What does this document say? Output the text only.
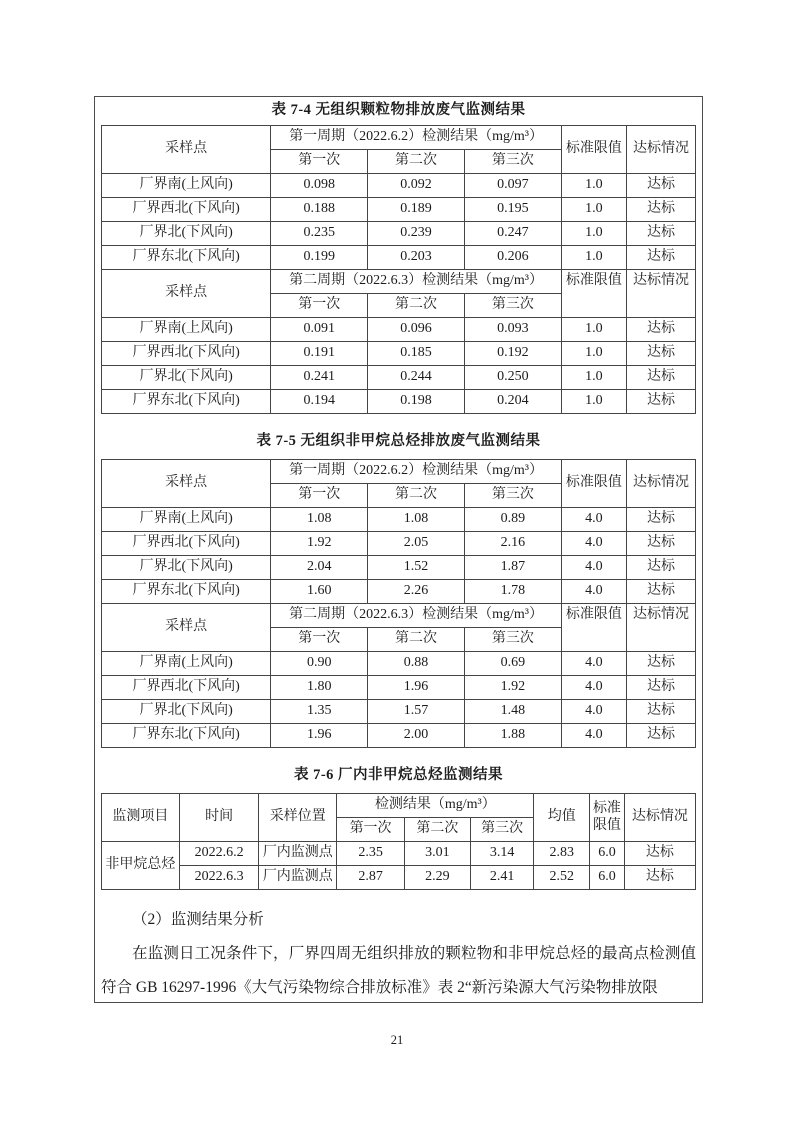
表 7-4 无组织颗粒物排放废气监测结果
采样点	第一周期（2022.6.2）检测结果（mg/m³）			标准限值	达标情况
	第一次	第二次	第三次		
厂界南(上风向)	0.098	0.092	0.097	1.0	达标
厂界西北(下风向)	0.188	0.189	0.195	1.0	达标
厂界北(下风向)	0.235	0.239	0.247	1.0	达标
厂界东北(下风向)	0.199	0.203	0.206	1.0	达标
采样点	第二周期（2022.6.3）检测结果（mg/m³）			标准限值	达标情况
	第一次	第二次	第三次		
厂界南(上风向)	0.091	0.096	0.093	1.0	达标
厂界西北(下风向)	0.191	0.185	0.192	1.0	达标
厂界北(下风向)	0.241	0.244	0.250	1.0	达标
厂界东北(下风向)	0.194	0.198	0.204	1.0	达标
表 7-5 无组织非甲烷总烃排放废气监测结果
采样点	第一周期（2022.6.2）检测结果（mg/m³）			标准限值	达标情况
	第一次	第二次	第三次		
厂界南(上风向)	1.08	1.08	0.89	4.0	达标
厂界西北(下风向)	1.92	2.05	2.16	4.0	达标
厂界北(下风向)	2.04	1.52	1.87	4.0	达标
厂界东北(下风向)	1.60	2.26	1.78	4.0	达标
采样点	第二周期（2022.6.3）检测结果（mg/m³）			标准限值	达标情况
	第一次	第二次	第三次		
厂界南(上风向)	0.90	0.88	0.69	4.0	达标
厂界西北(下风向)	1.80	1.96	1.92	4.0	达标
厂界北(下风向)	1.35	1.57	1.48	4.0	达标
厂界东北(下风向)	1.96	2.00	1.88	4.0	达标
表 7-6 厂内非甲烷总烃监测结果
监测项目	时间	采样位置	检测结果（mg/m³）			均值	标准限值	达标情况
			第一次	第二次	第三次			
非甲烷总烃	2022.6.2	厂内监测点	2.35	3.01	3.14	2.83	6.0	达标
	2022.6.3	厂内监测点	2.87	2.29	2.41	2.52	6.0	达标

（2）监测结果分析

在监测日工况条件下，厂界四周无组织排放的颗粒物和非甲烷总烃的最高点检测值符合 GB 16297-1996《大气污染物综合排放标准》表 2“新污染源大气污染物排放限

21
